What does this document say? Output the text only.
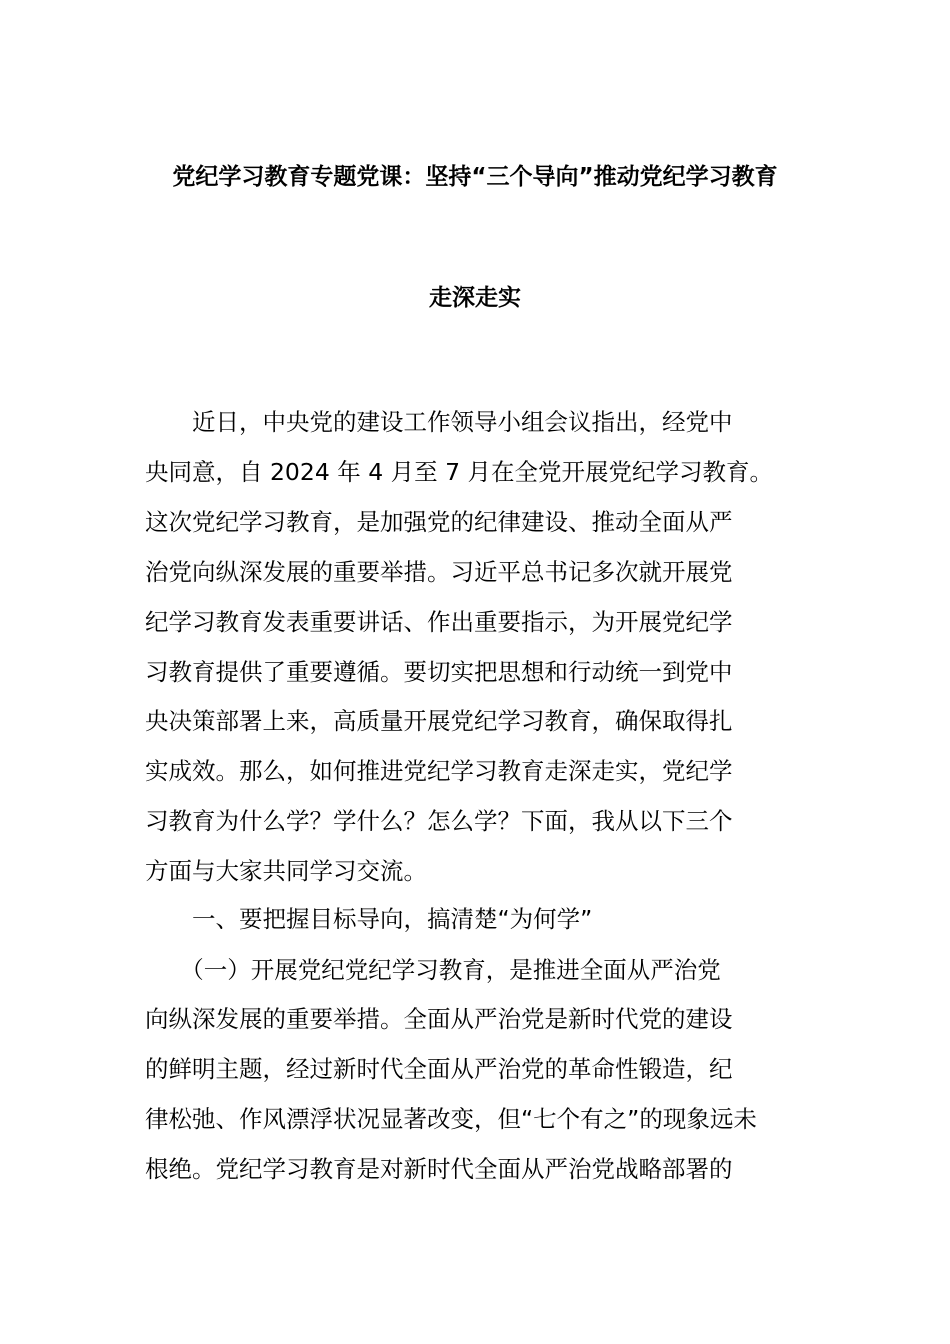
党纪学习教育专题党课：坚持“三个导向”推动党纪学习教育
走深走实
　　近日，中央党的建设工作领导小组会议指出，经党中
央同意，自 2024 年 4 月至 7 月在全党开展党纪学习教育。
这次党纪学习教育，是加强党的纪律建设、推动全面从严
治党向纵深发展的重要举措。习近平总书记多次就开展党
纪学习教育发表重要讲话、作出重要指示，为开展党纪学
习教育提供了重要遵循。要切实把思想和行动统一到党中
央决策部署上来，高质量开展党纪学习教育，确保取得扎
实成效。那么，如何推进党纪学习教育走深走实，党纪学
习教育为什么学？学什么？怎么学？下面，我从以下三个
方面与大家共同学习交流。
　　一、要把握目标导向，搞清楚“为何学”
　　（一）开展党纪党纪学习教育，是推进全面从严治党
向纵深发展的重要举措。全面从严治党是新时代党的建设
的鲜明主题，经过新时代全面从严治党的革命性锻造，纪
律松弛、作风漂浮状况显著改变，但“七个有之”的现象远未
根绝。党纪学习教育是对新时代全面从严治党战略部署的
